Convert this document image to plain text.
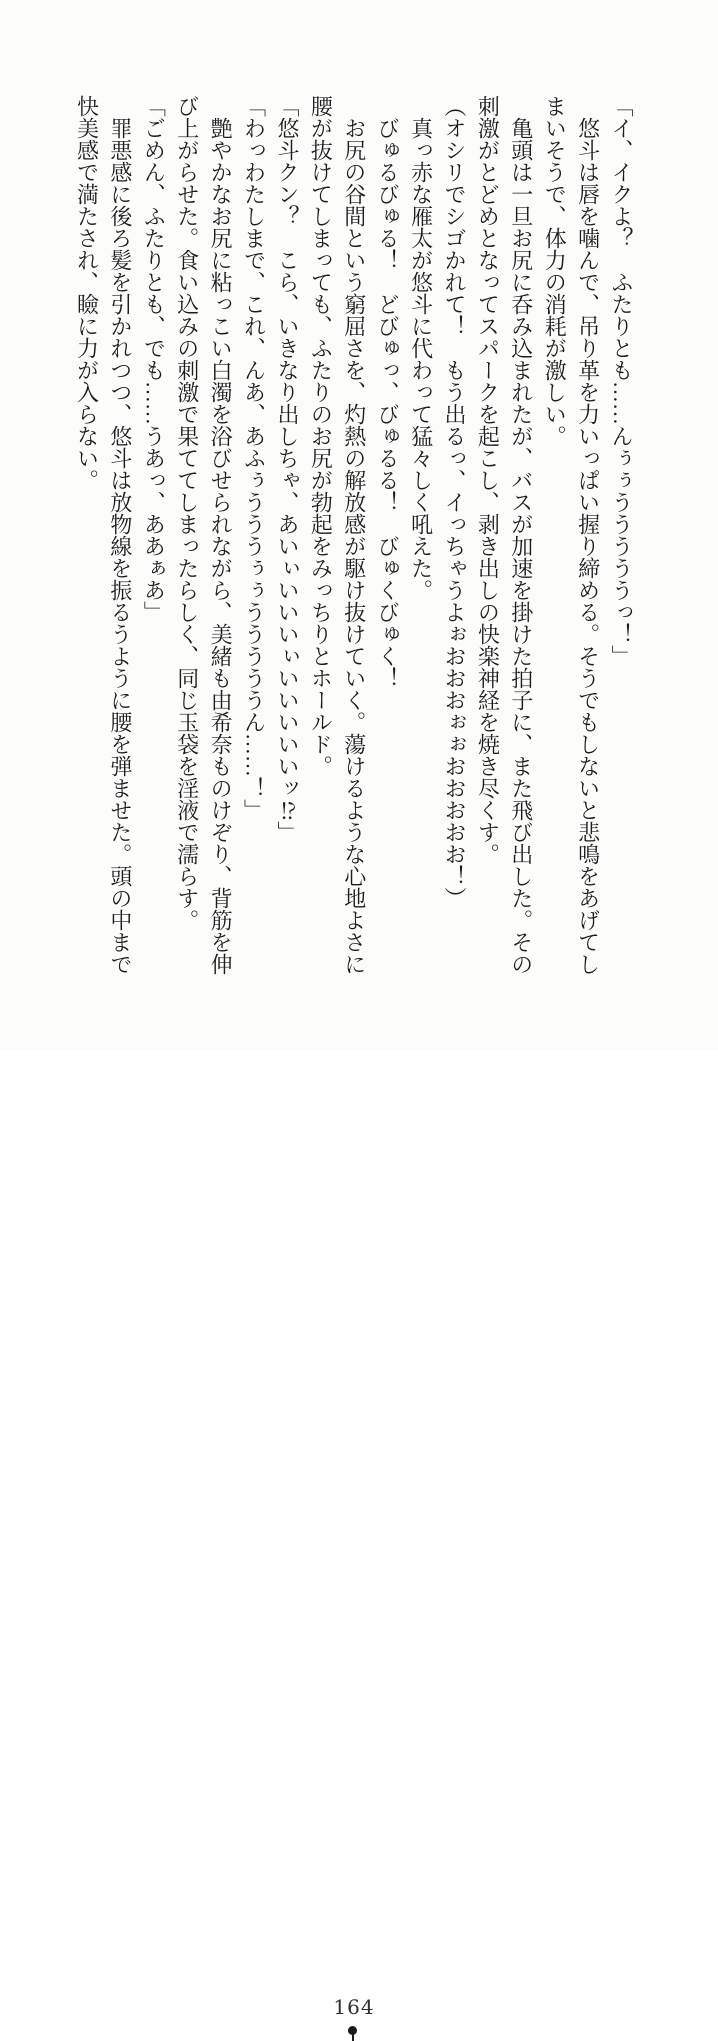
「イ、イクよ？　ふたりとも……んぅぅうううううっ！」
　悠斗は唇を噛んで、吊り革を力いっぱい握り締める。そうでもしないと悲鳴をあげてし
まいそうで、体力の消耗が激しい。
　亀頭は一旦お尻に呑み込まれたが、バスが加速を掛けた拍子に、また飛び出した。その
刺激がとどめとなってスパークを起こし、剥き出しの快楽神経を焼き尽くす。
（オシリでシゴかれて！　もう出るっ、イっちゃうよぉおおおぉぉおおおおお！）
　真っ赤な雁太が悠斗に代わって猛々しく吼えた。
　びゅるびゅる！　どびゅっ、びゅるる！　びゅくびゅく！
　お尻の谷間という窮屈さを、灼熱の解放感が駆け抜けていく。蕩けるような心地よさに
腰が抜けてしまっても、ふたりのお尻が勃起をみっちりとホールド。
「悠斗クン？　こら、いきなり出しちゃ、あいぃいいいぃいいいいいッ⁉」
「わっわたしまで、これ、んあ、あふぅうううぅぅうううううん……！」
　艶やかなお尻に粘っこい白濁を浴びせられながら、美緒も由希奈ものけぞり、背筋を伸
び上がらせた。食い込みの刺激で果ててしまったらしく、同じ玉袋を淫液で濡らす。
「ごめん、ふたりとも、でも……うあっ、ああぁあ」
　罪悪感に後ろ髪を引かれつつ、悠斗は放物線を振るうように腰を弾ませた。頭の中まで
快美感で満たされ、瞼に力が入らない。
164
